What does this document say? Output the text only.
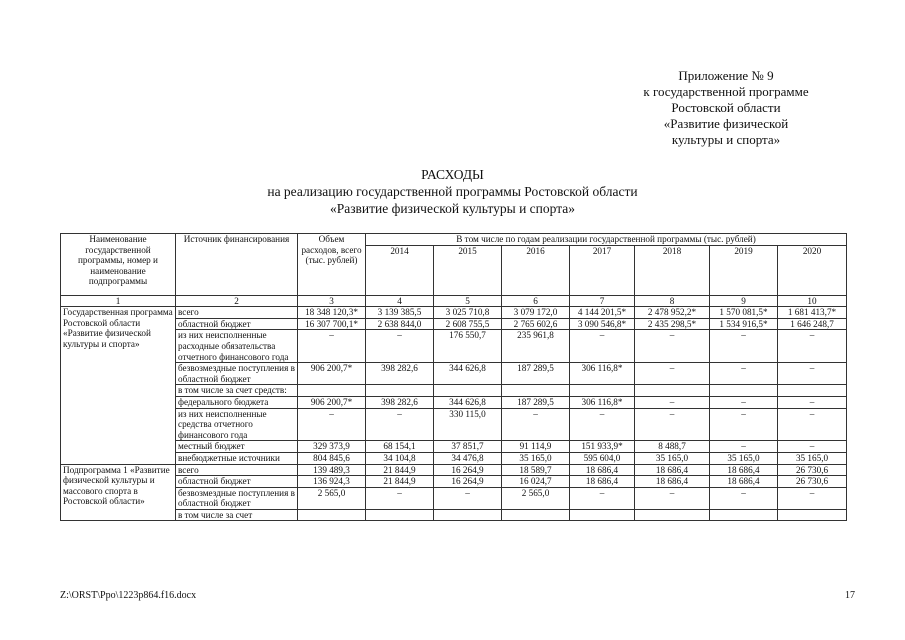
Приложение № 9
к государственной программе
Ростовской области
«Развитие физической
культуры и спорта»
РАСХОДЫ
на реализацию государственной программы Ростовской области
«Развитие физической культуры и спорта»
Наименование государственной программы, номер и наименование подпрограммы	Источник финансирования	Объем расходов, всего (тыс. рублей)	В том числе по годам реализации государственной программы (тыс. рублей)						
			2014	2015	2016	2017	2018	2019	2020
1	2	3	4	5	6	7	8	9	10
Государственная программа Ростовской области «Развитие физической культуры и спорта»	всего	18 348 120,3*	3 139 385,5	3 025 710,8	3 079 172,0	4 144 201,5*	2 478 952,2*	1 570 081,5*	1 681 413,7*
	областной бюджет	16 307 700,1*	2 638 844,0	2 608 755,5	2 765 602,6	3 090 546,8*	2 435 298,5*	1 534 916,5*	1 646 248,7
	из них неисполненные расходные обязательства отчетного финансового года	–	–	176 550,7	235 961,8	–	–	–	–
	безвозмездные поступления в областной бюджет	906 200,7*	398 282,6	344 626,8	187 289,5	306 116,8*	–	–	–
	в том числе за счет средств:								
	федерального бюджета	906 200,7*	398 282,6	344 626,8	187 289,5	306 116,8*	–	–	–
	из них неисполненные средства отчетного финансового года	–	–	330 115,0	–	–	–	–	–
	местный бюджет	329 373,9	68 154,1	37 851,7	91 114,9	151 933,9*	8 488,7	–	–
	внебюджетные источники	804 845,6	34 104,8	34 476,8	35 165,0	595 604,0	35 165,0	35 165,0	35 165,0
Подпрограмма 1 «Развитие физической культуры и массового спорта в Ростовской области»	всего	139 489,3	21 844,9	16 264,9	18 589,7	18 686,4	18 686,4	18 686,4	26 730,6
	областной бюджет	136 924,3	21 844,9	16 264,9	16 024,7	18 686,4	18 686,4	18 686,4	26 730,6
	безвозмездные поступления в областной бюджет	2 565,0	–	–	2 565,0	–	–	–	–
	в том числе за счет								
Z:\ORST\Ppo\1223p864.f16.docx	17
